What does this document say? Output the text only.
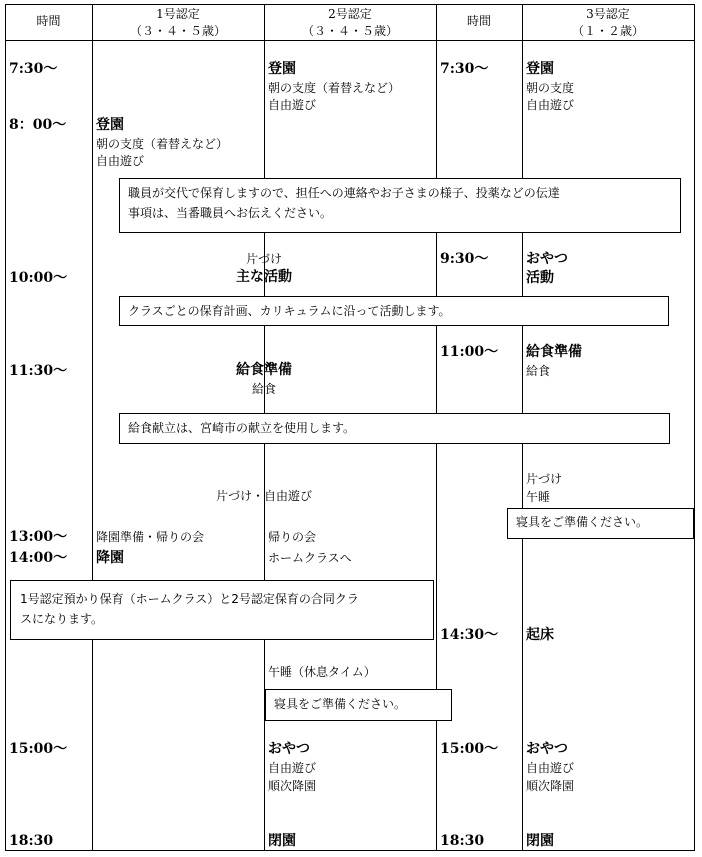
時間	1号認定
（３・４・５歳）
2号認定
（３・４・５歳）
時間	3号認定
（１・２歳）
7:30～
8：00～
10:00～
11:30～
13:00～
14:00～
15:00～
18:30
7:30～
9:30～
11:00～
14:30～
15:00～
18:30
登園
朝の支度（着替えなど）
自由遊び
降園準備・帰りの会
降園
登園
朝の支度（着替えなど）
自由遊び
帰りの会
ホームクラスへ
午睡（休息タイム）
おやつ
自由遊び
順次降園
閉園
片づけ
主な活動
給食準備
給食
片づけ・自由遊び
登園
朝の支度
自由遊び
おやつ
活動
給食準備
給食
片づけ
午睡
起床
おやつ
自由遊び
順次降園
閉園
職員が交代で保育しますので、担任への連絡やお子さまの様子、投薬などの伝達
事項は、当番職員へお伝えください。
クラスごとの保育計画、カリキュラムに沿って活動します。
給食献立は、宮崎市の献立を使用します。
寝具をご準備ください。
1号認定預かり保育（ホームクラス）と2号認定保育の合同クラ
スになります。
寝具をご準備ください。
